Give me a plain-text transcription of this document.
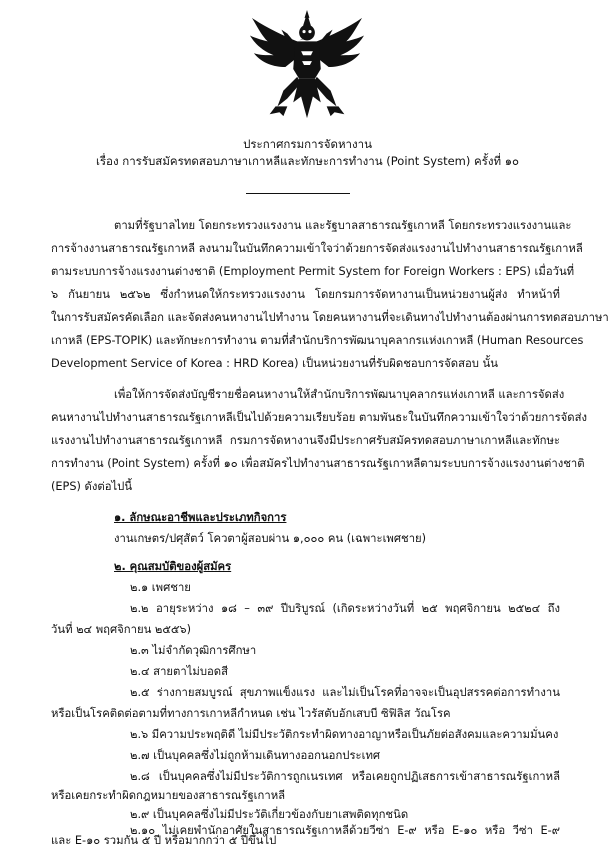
ประกาศกรมการจัดหางาน
เรื่อง การรับสมัครทดสอบภาษาเกาหลีและทักษะการทำงาน (Point System) ครั้งที่ ๑๐
ตามที่รัฐบาลไทย โดยกระทรวงแรงงาน และรัฐบาลสาธารณรัฐเกาหลี โดยกระทรวงแรงงานและ
การจ้างงานสาธารณรัฐเกาหลี ลงนามในบันทึกความเข้าใจว่าด้วยการจัดส่งแรงงานไปทำงานสาธารณรัฐเกาหลี
ตามระบบการจ้างแรงงานต่างชาติ (Employment Permit System for Foreign Workers : EPS) เมื่อวันที่
๖ กันยายน ๒๕๖๒ ซึ่งกำหนดให้กระทรวงแรงงาน โดยกรมการจัดหางานเป็นหน่วยงานผู้ส่ง ทำหน้าที่
ในการรับสมัครคัดเลือก และจัดส่งคนหางานไปทำงาน โดยคนหางานที่จะเดินทางไปทำงานต้องผ่านการทดสอบภาษา
เกาหลี (EPS-TOPIK) และทักษะการทำงาน ตามที่สำนักบริการพัฒนาบุคลากรแห่งเกาหลี (Human Resources
Development Service of Korea : HRD Korea) เป็นหน่วยงานที่รับผิดชอบการจัดสอบ นั้น
เพื่อให้การจัดส่งบัญชีรายชื่อคนหางานให้สำนักบริการพัฒนาบุคลากรแห่งเกาหลี และการจัดส่ง
คนหางานไปทำงานสาธารณรัฐเกาหลีเป็นไปด้วยความเรียบร้อย ตามพันธะในบันทึกความเข้าใจว่าด้วยการจัดส่ง
แรงงานไปทำงานสาธารณรัฐเกาหลี กรมการจัดหางานจึงมีประกาศรับสมัครทดสอบภาษาเกาหลีและทักษะ
การทำงาน (Point System) ครั้งที่ ๑๐ เพื่อสมัครไปทำงานสาธารณรัฐเกาหลีตามระบบการจ้างแรงงานต่างชาติ
(EPS) ดังต่อไปนี้
๑. ลักษณะอาชีพและประเภทกิจการ
งานเกษตร/ปศุสัตว์ โควตาผู้สอบผ่าน ๑,๐๐๐ คน (เฉพาะเพศชาย)
๒. คุณสมบัติของผู้สมัคร
๒.๑ เพศชาย
๒.๒ อายุระหว่าง ๑๘ – ๓๙ ปีบริบูรณ์ (เกิดระหว่างวันที่ ๒๕ พฤศจิกายน ๒๕๒๔ ถึง
วันที่ ๒๔ พฤศจิกายน ๒๕๕๖)
๒.๓ ไม่จำกัดวุฒิการศึกษา
๒.๔ สายตาไม่บอดสี
๒.๕ ร่างกายสมบูรณ์ สุขภาพแข็งแรง และไม่เป็นโรคที่อาจจะเป็นอุปสรรคต่อการทำงาน
หรือเป็นโรคติดต่อตามที่ทางการเกาหลีกำหนด เช่น ไวรัสตับอักเสบบี ซิฟิลิส วัณโรค
๒.๖ มีความประพฤติดี ไม่มีประวัติกระทำผิดทางอาญาหรือเป็นภัยต่อสังคมและความมั่นคง
๒.๗ เป็นบุคคลซึ่งไม่ถูกห้ามเดินทางออกนอกประเทศ
๒.๘ เป็นบุคคลซึ่งไม่มีประวัติการถูกเนรเทศ หรือเคยถูกปฏิเสธการเข้าสาธารณรัฐเกาหลี
หรือเคยกระทำผิดกฎหมายของสาธารณรัฐเกาหลี
๒.๙ เป็นบุคคลซึ่งไม่มีประวัติเกี่ยวข้องกับยาเสพติดทุกชนิด
๒.๑๐ ไม่เคยพำนักอาศัยในสาธารณรัฐเกาหลีด้วยวีซ่า E-๙ หรือ E-๑๐ หรือ วีซ่า E-๙
และ E-๑๐ รวมกัน ๕ ปี หรือมากกว่า ๕ ปีขึ้นไป
